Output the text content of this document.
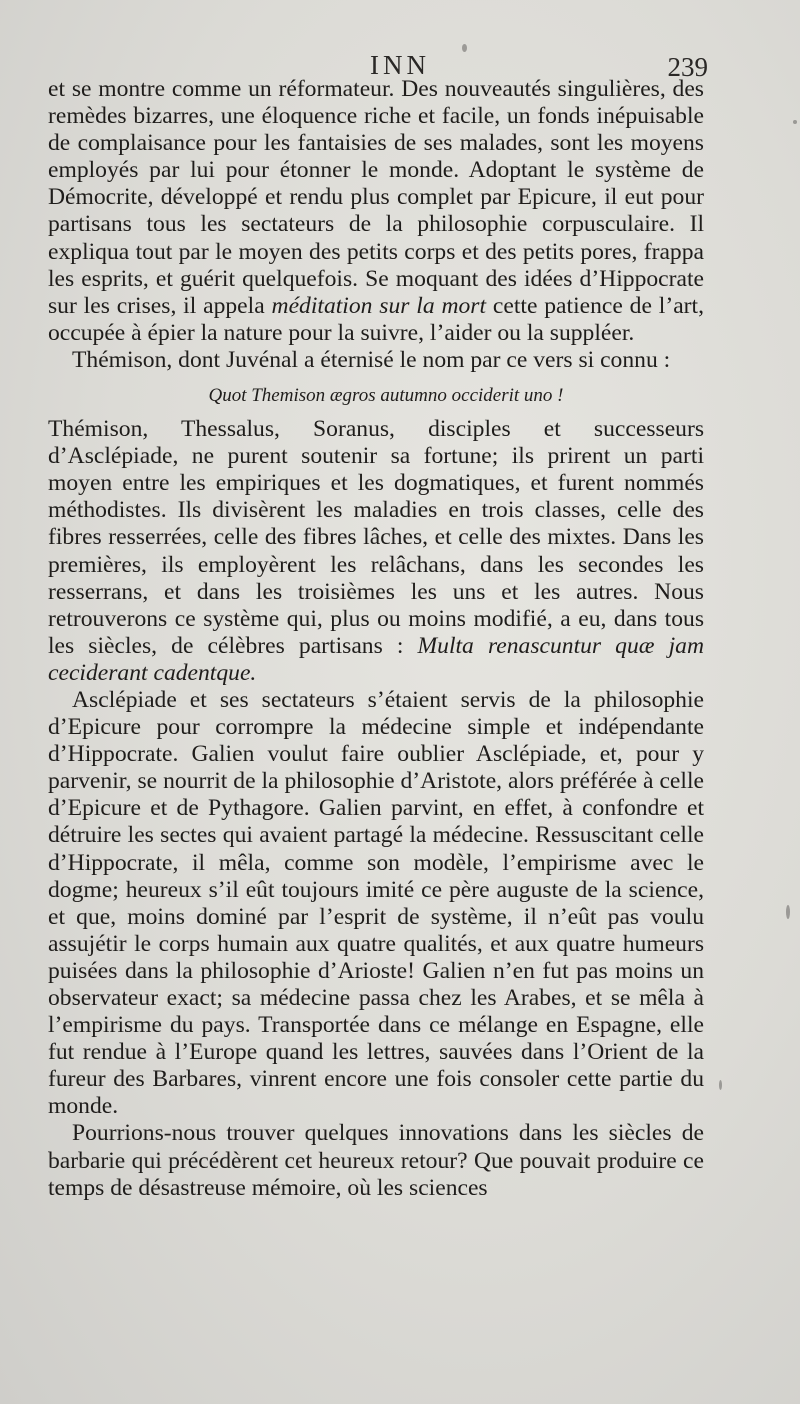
INN	239

et se montre comme un réformateur. Des nouveautés singulières, des remèdes bizarres, une éloquence riche et facile, un fonds inépuisable de complaisance pour les fantaisies de ses malades, sont les moyens employés par lui pour étonner le monde. Adoptant le système de Démocrite, développé et rendu plus complet par Epicure, il eut pour partisans tous les sectateurs de la philosophie corpusculaire. Il expliqua tout par le moyen des petits corps et des petits pores, frappa les esprits, et guérit quelquefois. Se moquant des idées d’Hippocrate sur les crises, il appela méditation sur la mort cette patience de l’art, occupée à épier la nature pour la suivre, l’aider ou la suppléer.

Thémison, dont Juvénal a éternisé le nom par ce vers si connu :

Quot Themison ægros autumno occiderit uno !

Thémison, Thessalus, Soranus, disciples et successeurs d’Asclépiade, ne purent soutenir sa fortune; ils prirent un parti moyen entre les empiriques et les dogmatiques, et furent nommés méthodistes. Ils divisèrent les maladies en trois classes, celle des fibres resserrées, celle des fibres lâches, et celle des mixtes. Dans les premières, ils employèrent les relâchans, dans les secondes les resserrans, et dans les troisièmes les uns et les autres. Nous retrouverons ce système qui, plus ou moins modifié, a eu, dans tous les siècles, de célèbres partisans : Multa renascuntur quæ jam ceciderant cadentque.

Asclépiade et ses sectateurs s’étaient servis de la philosophie d’Epicure pour corrompre la médecine simple et indépendante d’Hippocrate. Galien voulut faire oublier Asclépiade, et, pour y parvenir, se nourrit de la philosophie d’Aristote, alors préférée à celle d’Epicure et de Pythagore. Galien parvint, en effet, à confondre et détruire les sectes qui avaient partagé la médecine. Ressuscitant celle d’Hippocrate, il mêla, comme son modèle, l’empirisme avec le dogme; heureux s’il eût toujours imité ce père auguste de la science, et que, moins dominé par l’esprit de système, il n’eût pas voulu assujétir le corps humain aux quatre qualités, et aux quatre humeurs puisées dans la philosophie d’Arioste! Galien n’en fut pas moins un observateur exact; sa médecine passa chez les Arabes, et se mêla à l’empirisme du pays. Transportée dans ce mélange en Espagne, elle fut rendue à l’Europe quand les lettres, sauvées dans l’Orient de la fureur des Barbares, vinrent encore une fois consoler cette partie du monde.

Pourrions-nous trouver quelques innovations dans les siècles de barbarie qui précédèrent cet heureux retour? Que pouvait produire ce temps de désastreuse mémoire, où les sciences
